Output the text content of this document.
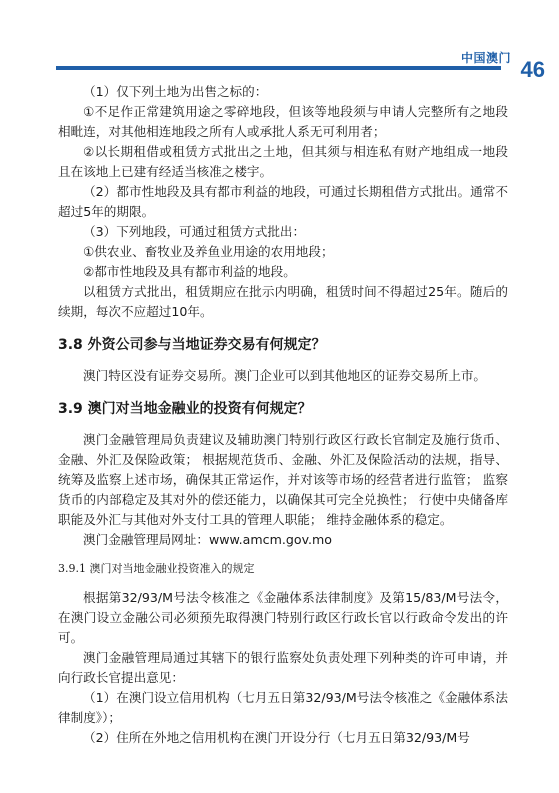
中国澳门 46

（1）仅下列土地为出售之标的：

①不足作正常建筑用途之零碎地段，但该等地段须与申请人完整所有之地段相毗连，对其他相连地段之所有人或承批人系无可利用者；

②以长期租借或租赁方式批出之土地，但其须与相连私有财产地组成一地段且在该地上已建有经适当核准之楼宇。

（2）都市性地段及具有都市利益的地段，可通过长期租借方式批出。通常不超过5年的期限。

（3）下列地段，可通过租赁方式批出：

①供农业、畜牧业及养鱼业用途的农用地段；

②都市性地段及具有都市利益的地段。

以租赁方式批出，租赁期应在批示内明确，租赁时间不得超过25年。随后的续期，每次不应超过10年。

3.8 外资公司参与当地证券交易有何规定？

澳门特区没有证券交易所。澳门企业可以到其他地区的证券交易所上市。

3.9 澳门对当地金融业的投资有何规定？

澳门金融管理局负责建议及辅助澳门特别行政区行政长官制定及施行货币、金融、外汇及保险政策； 根据规范货币、金融、外汇及保险活动的法规，指导、统筹及监察上述市场，确保其正常运作，并对该等市场的经营者进行监管； 监察货币的内部稳定及其对外的偿还能力，以确保其可完全兑换性； 行使中央储备库职能及外汇与其他对外支付工具的管理人职能； 维持金融体系的稳定。

澳门金融管理局网址：www.amcm.gov.mo

3.9.1 澳门对当地金融业投资准入的规定

根据第32/93/M号法令核准之《金融体系法律制度》及第15/83/M号法令，在澳门设立金融公司必须预先取得澳门特别行政区行政长官以行政命令发出的许可。

澳门金融管理局通过其辖下的银行监察处负责处理下列种类的许可申请，并向行政长官提出意见：

（1）在澳门设立信用机构（七月五日第32/93/M号法令核准之《金融体系法律制度》）；

（2）住所在外地之信用机构在澳门开设分行（七月五日第32/93/M号
